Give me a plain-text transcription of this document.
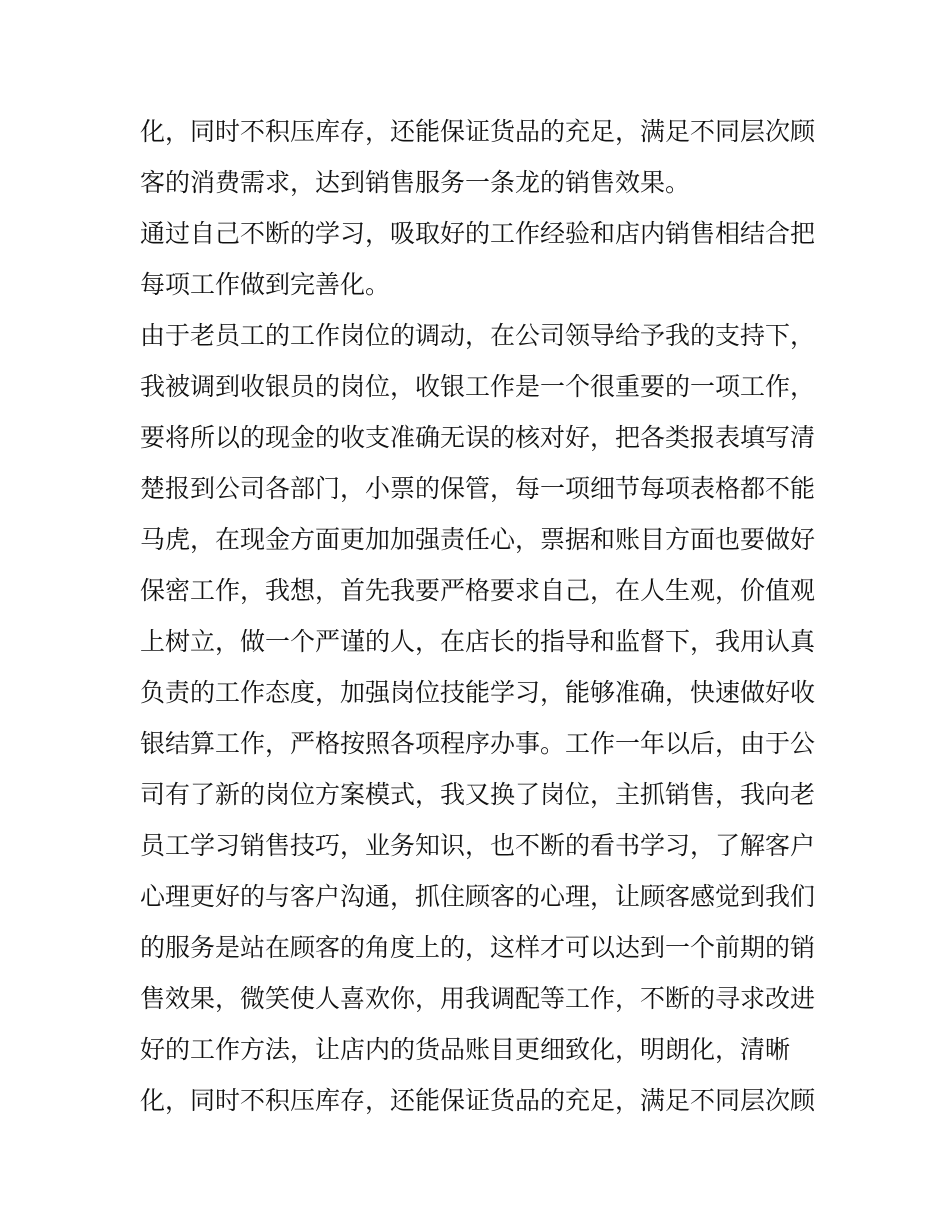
化，同时不积压库存，还能保证货品的充足，满足不同层次顾
客的消费需求，达到销售服务一条龙的销售效果。
通过自己不断的学习，吸取好的工作经验和店内销售相结合把
每项工作做到完善化。
由于老员工的工作岗位的调动，在公司领导给予我的支持下，
我被调到收银员的岗位，收银工作是一个很重要的一项工作，
要将所以的现金的收支准确无误的核对好，把各类报表填写清
楚报到公司各部门，小票的保管，每一项细节每项表格都不能
马虎，在现金方面更加加强责任心，票据和账目方面也要做好
保密工作，我想，首先我要严格要求自己，在人生观，价值观
上树立，做一个严谨的人，在店长的指导和监督下，我用认真
负责的工作态度，加强岗位技能学习，能够准确，快速做好收
银结算工作，严格按照各项程序办事。工作一年以后，由于公
司有了新的岗位方案模式，我又换了岗位，主抓销售，我向老
员工学习销售技巧，业务知识，也不断的看书学习，了解客户
心理更好的与客户沟通，抓住顾客的心理，让顾客感觉到我们
的服务是站在顾客的角度上的，这样才可以达到一个前期的销
售效果，微笑使人喜欢你，用我调配等工作，不断的寻求改进
好的工作方法，让店内的货品账目更细致化，明朗化，清晰
化，同时不积压库存，还能保证货品的充足，满足不同层次顾
